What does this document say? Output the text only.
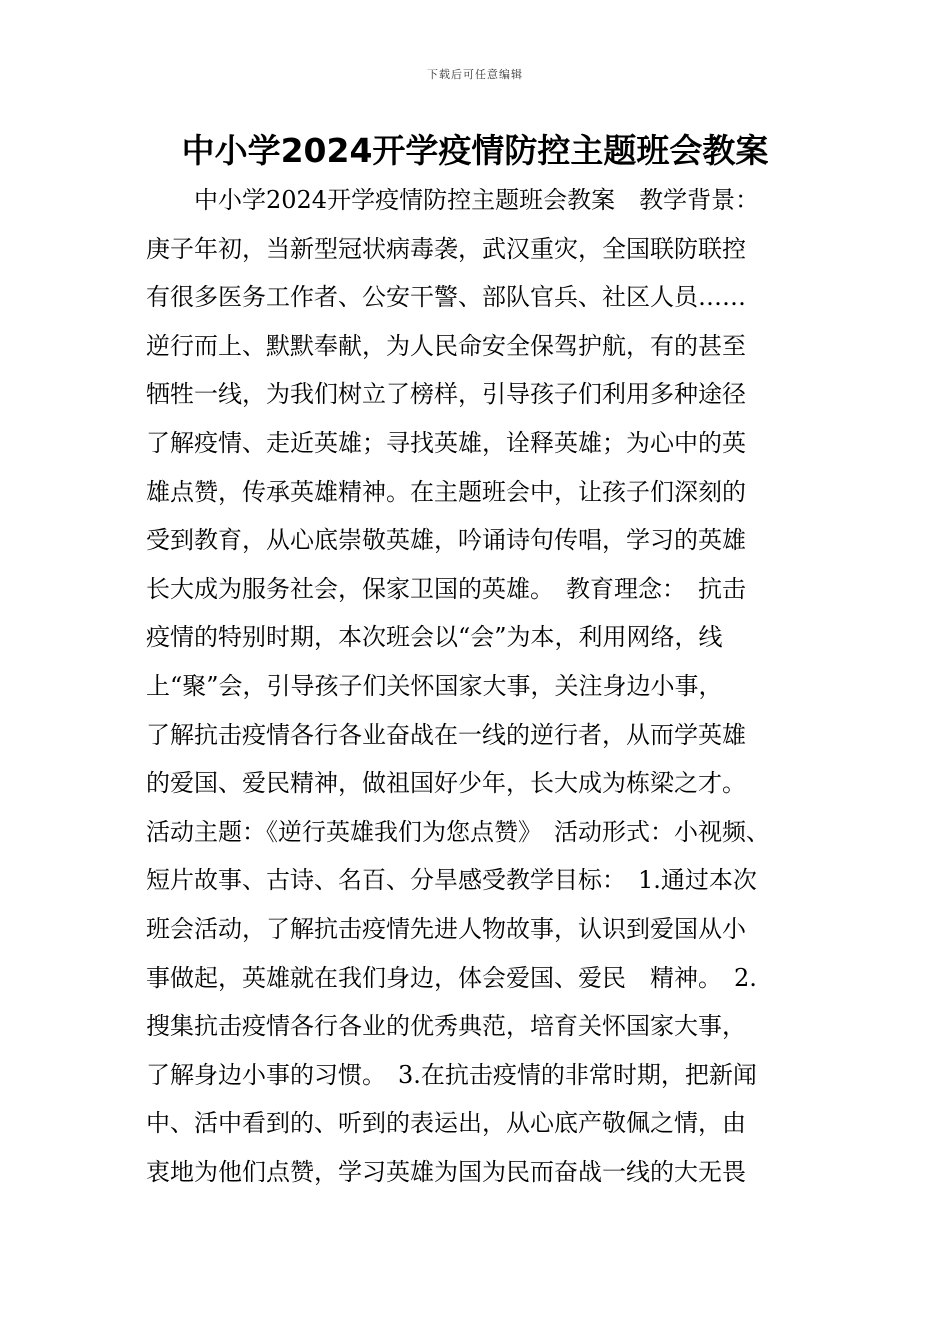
下载后可任意编辑
中小学2024开学疫情防控主题班会教案
　　中小学2024开学疫情防控主题班会教案　教学背景：
庚子年初，当新型冠状病毒袭，武汉重灾，全国联防联控
有很多医务工作者、公安干警、部队官兵、社区人员……
逆行而上、默默奉献，为人民命安全保驾护航，有的甚至
牺牲一线，为我们树立了榜样，引导孩子们利用多种途径
了解疫情、走近英雄；寻找英雄，诠释英雄；为心中的英
雄点赞，传承英雄精神。在主题班会中，让孩子们深刻的
受到教育，从心底崇敬英雄，吟诵诗句传唱，学习的英雄
长大成为服务社会，保家卫国的英雄。　教育理念：　抗击
疫情的特别时期，本次班会以“会”为本，利用网络，线
上“聚”会，引导孩子们关怀国家大事，关注身边小事，
了解抗击疫情各行各业奋战在一线的逆行者，从而学英雄
的爱国、爱民精神，做祖国好少年，长大成为栋梁之才。
活动主题：《逆行英雄我们为您点赞》　活动形式：小视频、
短片故事、古诗、名百、分旱感受教学目标：　1.通过本次
班会活动，了解抗击疫情先进人物故事，认识到爱国从小
事做起，英雄就在我们身边，体会爱国、爱民　精神。　2.
搜集抗击疫情各行各业的优秀典范，培育关怀国家大事，
了解身边小事的习惯。　3.在抗击疫情的非常时期，把新闻
中、活中看到的、听到的表运出，从心底产敬佩之情，由
衷地为他们点赞，学习英雄为国为民而奋战一线的大无畏
